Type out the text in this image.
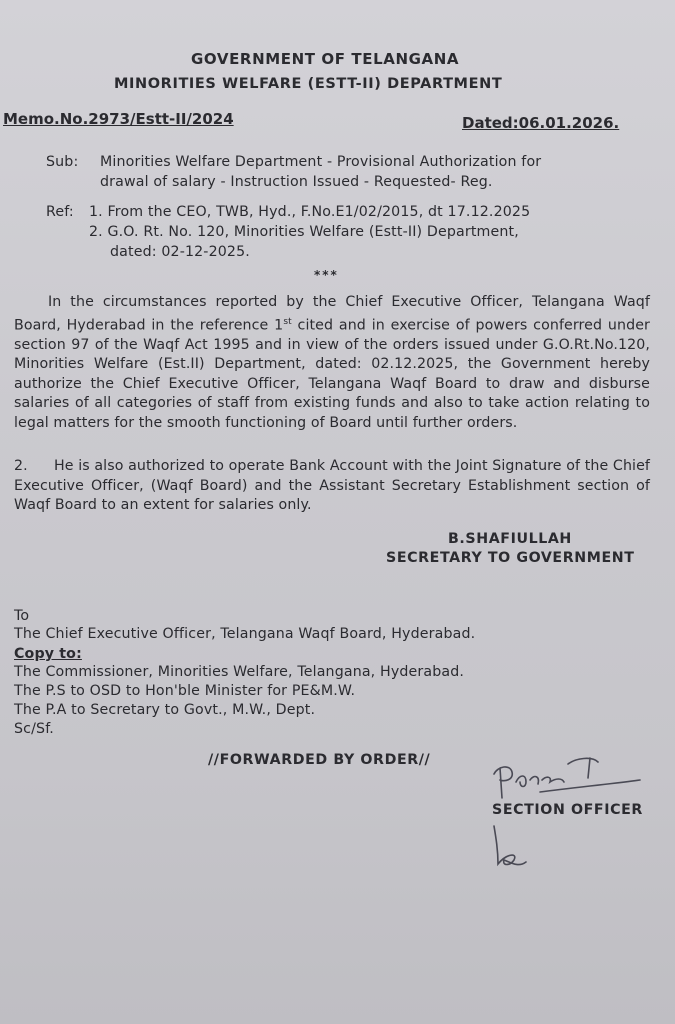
GOVERNMENT OF TELANGANA
MINORITIES WELFARE (ESTT-II) DEPARTMENT
Memo.No.2973/Estt-II/2024	Dated:06.01.2026.
Sub: Minorities Welfare Department - Provisional Authorization for
drawal of salary - Instruction Issued - Requested- Reg.
Ref: 1. From the CEO, TWB, Hyd., F.No.E1/02/2015, dt 17.12.2025
2. G.O. Rt. No. 120, Minorities Welfare (Estt-II) Department,
dated: 02-12-2025.
***
In the circumstances reported by the Chief Executive Officer, Telangana Waqf Board, Hyderabad in the reference 1st cited and in exercise of powers conferred under section 97 of the Waqf Act 1995 and in view of the orders issued under G.O.Rt.No.120, Minorities Welfare (Est.II) Department, dated: 02.12.2025, the Government hereby authorize the Chief Executive Officer, Telangana Waqf Board to draw and disburse salaries of all categories of staff from existing funds and also to take action relating to legal matters for the smooth functioning of Board until further orders.
2. He is also authorized to operate Bank Account with the Joint Signature of the Chief Executive Officer, (Waqf Board) and the Assistant Secretary Establishment section of Waqf Board to an extent for salaries only.
B.SHAFIULLAH
SECRETARY TO GOVERNMENT
To
The Chief Executive Officer, Telangana Waqf Board, Hyderabad.
Copy to:
The Commissioner, Minorities Welfare, Telangana, Hyderabad.
The P.S to OSD to Hon'ble Minister for PE&M.W.
The P.A to Secretary to Govt., M.W., Dept.
Sc/Sf.
//FORWARDED BY ORDER//
SECTION OFFICER
